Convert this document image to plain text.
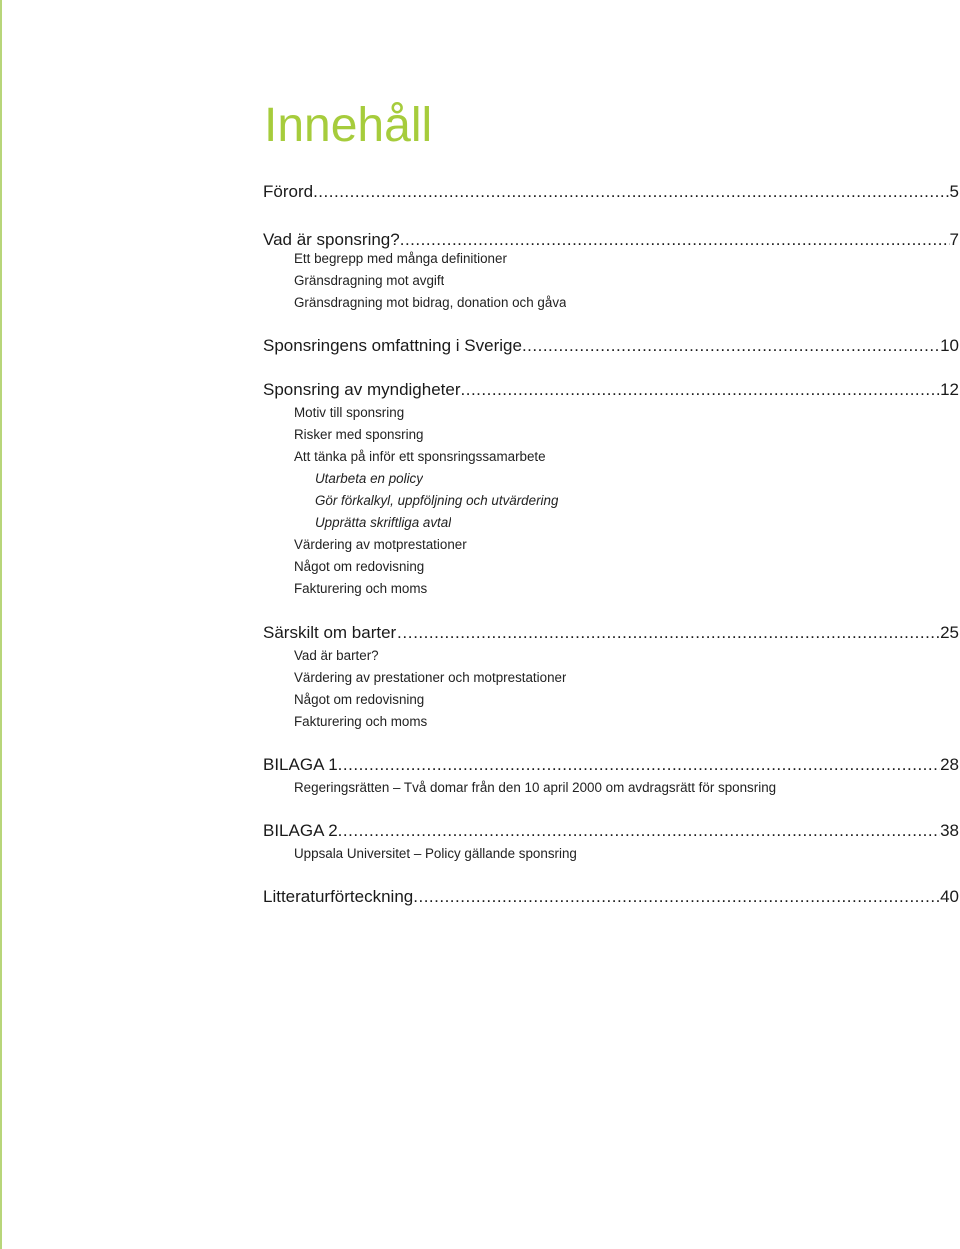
Innehåll
Förord .....	5
Vad är sponsring? .....	7
Ett begrepp med många definitioner
Gränsdragning mot avgift
Gränsdragning mot bidrag, donation och gåva
Sponsringens omfattning i Sverige .....	10
Sponsring av myndigheter .....	12
Motiv till sponsring
Risker med sponsring
Att tänka på inför ett sponsringssamarbete
Utarbeta en policy
Gör förkalkyl, uppföljning och utvärdering
Upprätta skriftliga avtal
Värdering av motprestationer
Något om redovisning
Fakturering och moms
Särskilt om barter… .....	25
Vad är barter?
Värdering av prestationer och motprestationer
Något om redovisning
Fakturering och moms
BILAGA 1 .....	28
Regeringsrätten – Två domar från den 10 april 2000 om avdragsrätt för sponsring
BILAGA 2 .....	38
Uppsala Universitet – Policy gällande sponsring
Litteraturförteckning .....	40
